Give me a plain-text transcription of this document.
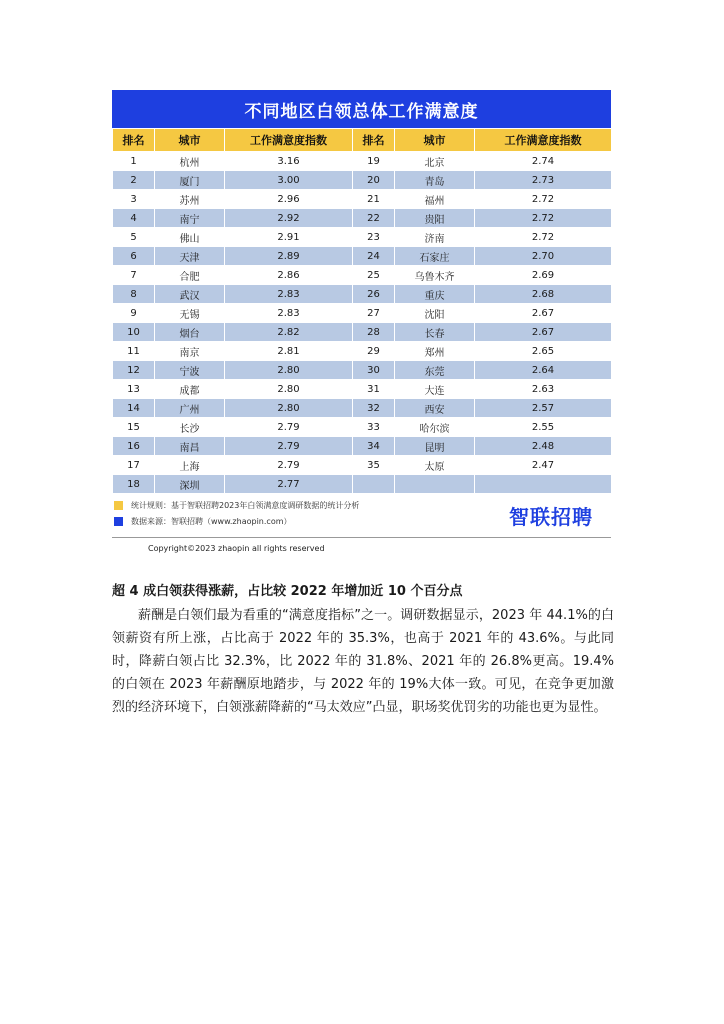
不同地区白领总体工作满意度
排名	城市	工作满意度指数	排名	城市	工作满意度指数
1	杭州	3.16	19	北京	2.74
2	厦门	3.00	20	青岛	2.73
3	苏州	2.96	21	福州	2.72
4	南宁	2.92	22	贵阳	2.72
5	佛山	2.91	23	济南	2.72
6	天津	2.89	24	石家庄	2.70
7	合肥	2.86	25	乌鲁木齐	2.69
8	武汉	2.83	26	重庆	2.68
9	无锡	2.83	27	沈阳	2.67
10	烟台	2.82	28	长春	2.67
11	南京	2.81	29	郑州	2.65
12	宁波	2.80	30	东莞	2.64
13	成都	2.80	31	大连	2.63
14	广州	2.80	32	西安	2.57
15	长沙	2.79	33	哈尔滨	2.55
16	南昌	2.79	34	昆明	2.48
17	上海	2.79	35	太原	2.47
18	深圳	2.77			
统计规则：基于智联招聘2023年白领满意度调研数据的统计分析
数据来源：智联招聘（www.zhaopin.com）	智联招聘
Copyright©2023 zhaopin all rights reserved
超 4 成白领获得涨薪，占比较 2022 年增加近 10 个百分点
薪酬是白领们最为看重的“满意度指标”之一。调研数据显示，2023 年 44.1%的白领薪资有所上涨，占比高于 2022 年的 35.3%，也高于 2021 年的 43.6%。与此同时，降薪白领占比 32.3%，比 2022 年的 31.8%、2021 年的 26.8%更高。19.4%的白领在 2023 年薪酬原地踏步，与 2022 年的 19%大体一致。可见，在竞争更加激烈的经济环境下，白领涨薪降薪的“马太效应”凸显，职场奖优罚劣的功能也更为显性。
